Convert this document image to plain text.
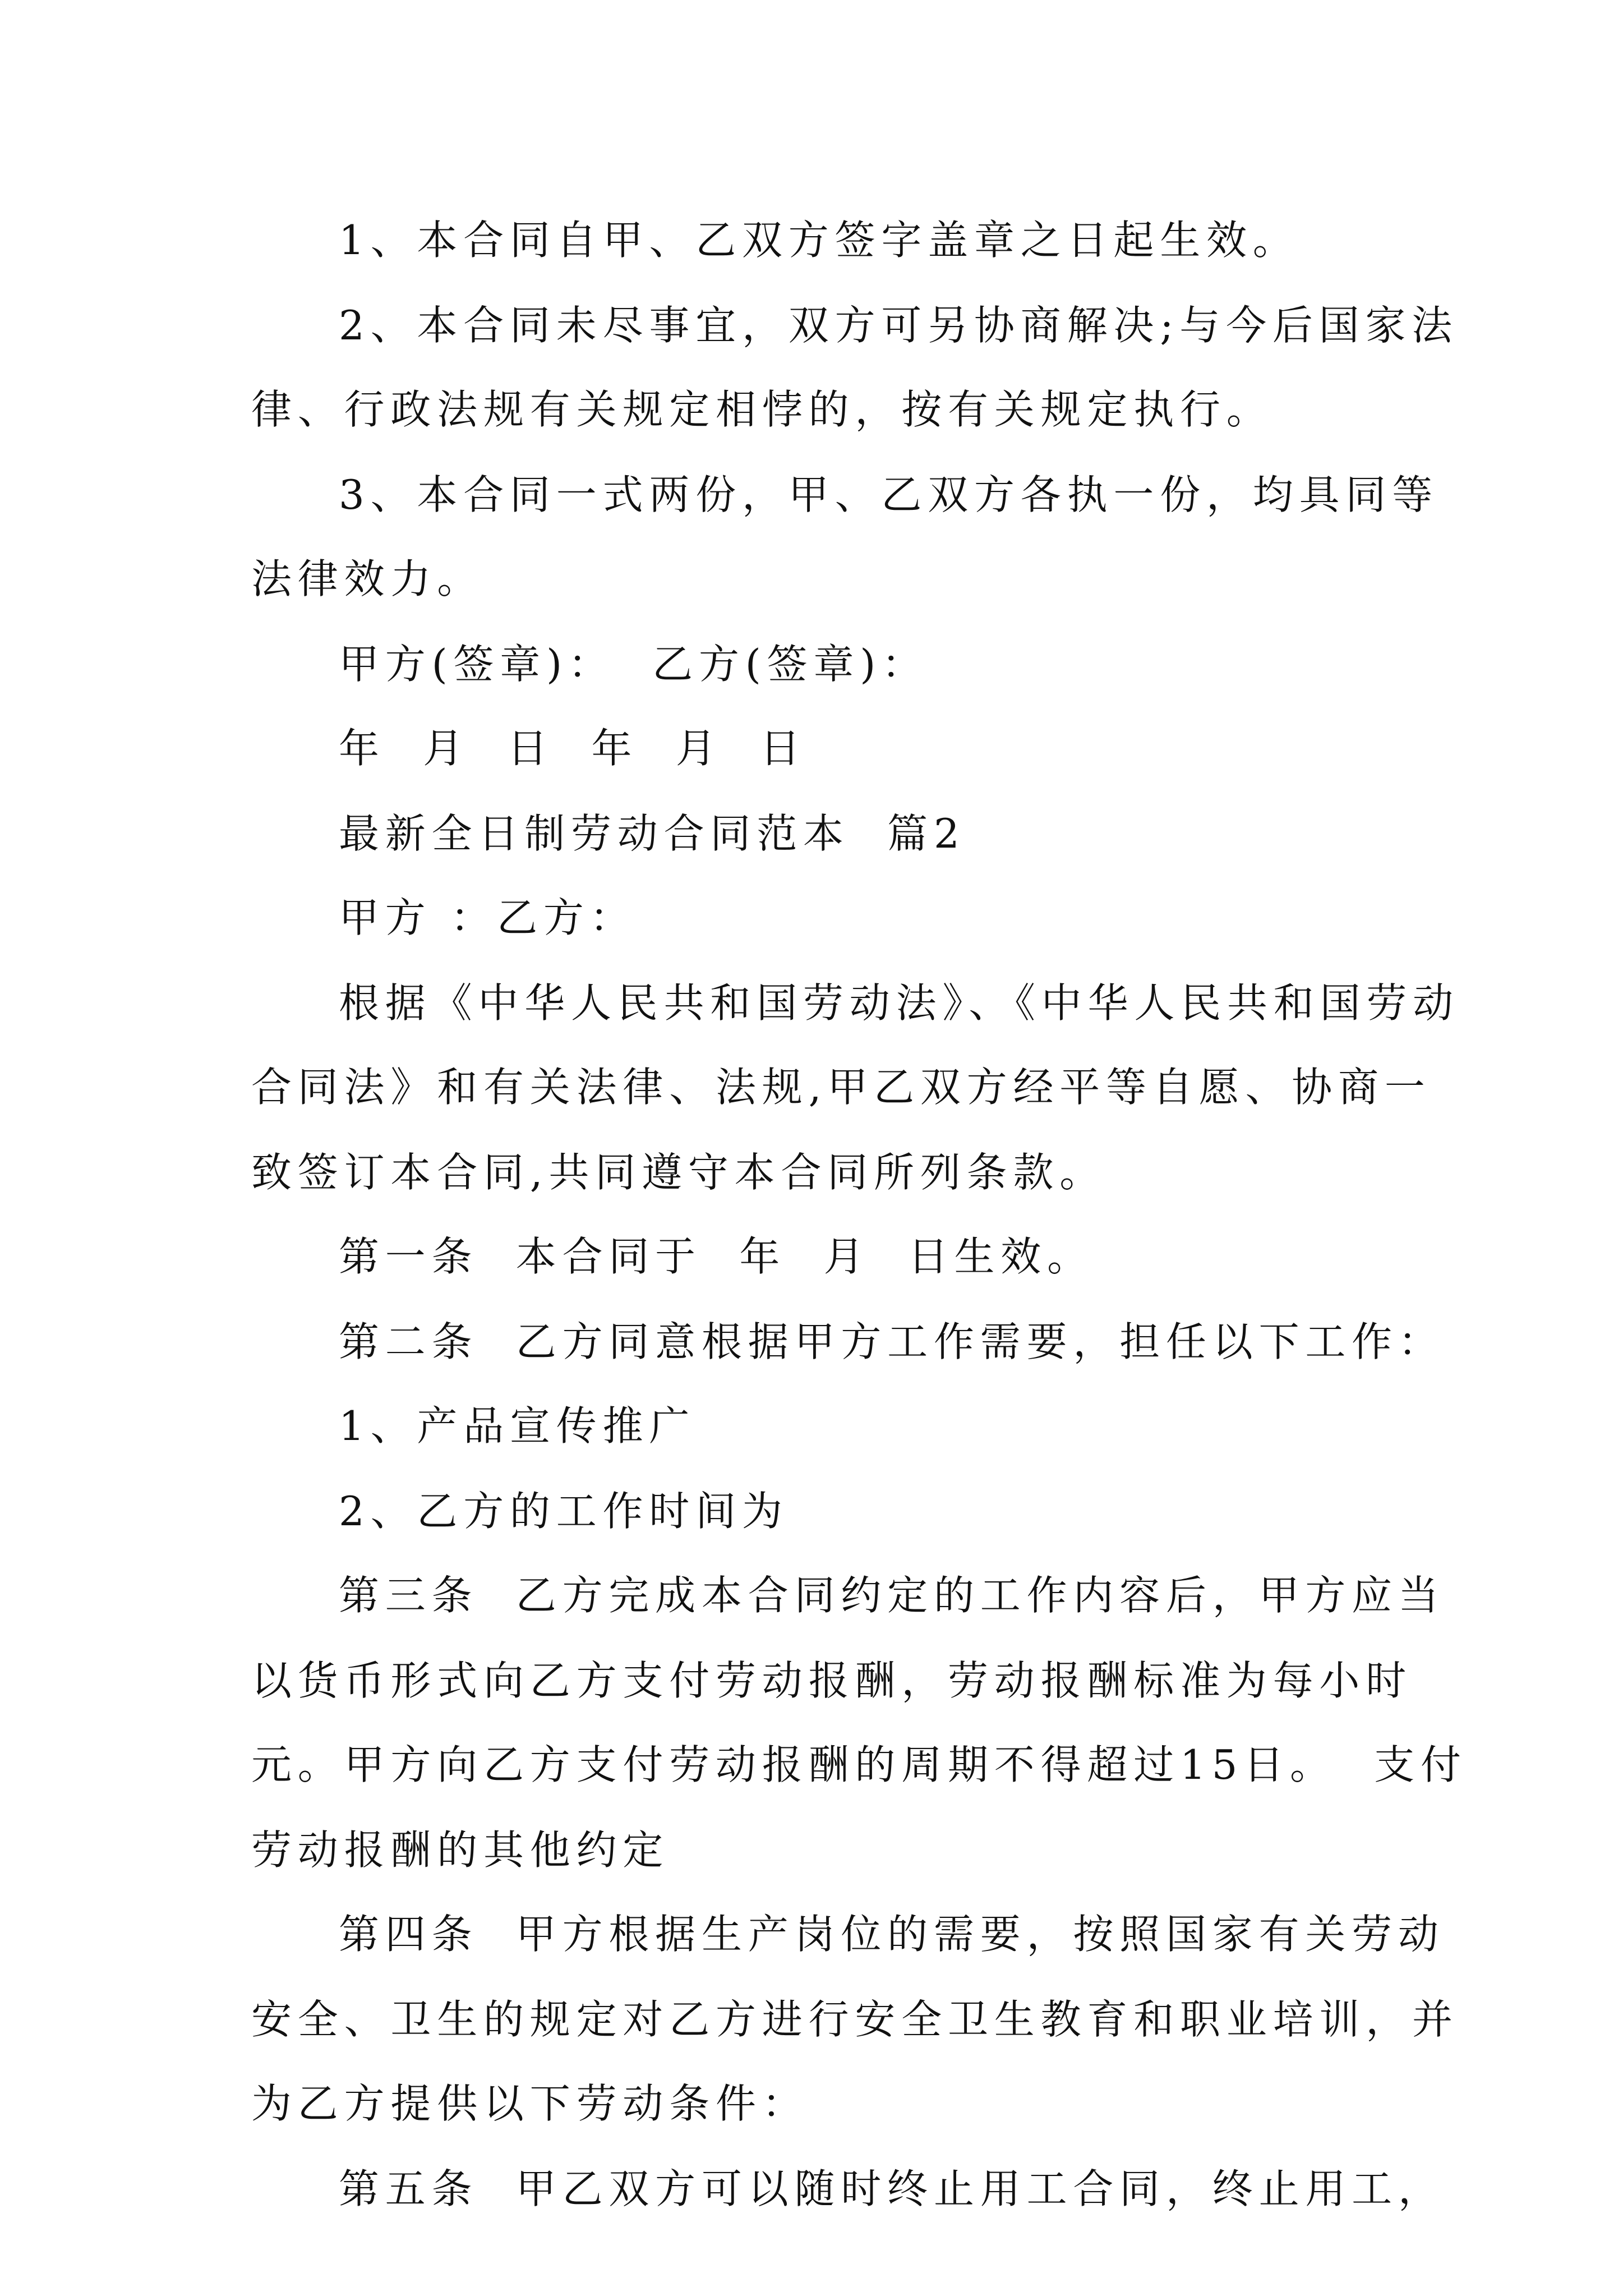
1、本合同自甲、乙双方签字盖章之日起生效。
2、本合同未尽事宜，双方可另协商解决;与今后国家法
律、行政法规有关规定相悖的，按有关规定执行。
3、本合同一式两份，甲、乙双方各执一份，均具同等
法律效力。
甲方(签章)：  乙方(签章)：
年  月  日  年  月  日
最新全日制劳动合同范本  篇2
甲方 ：乙方：
根据《中华人民共和国劳动法》、《中华人民共和国劳动
合同法》和有关法律、法规,甲乙双方经平等自愿、协商一
致签订本合同,共同遵守本合同所列条款。
第一条  本合同于  年  月  日生效。
第二条  乙方同意根据甲方工作需要，担任以下工作：
1、产品宣传推广
2、乙方的工作时间为
第三条  乙方完成本合同约定的工作内容后，甲方应当
以货币形式向乙方支付劳动报酬，劳动报酬标准为每小时
元。甲方向乙方支付劳动报酬的周期不得超过15日。  支付
劳动报酬的其他约定
第四条  甲方根据生产岗位的需要，按照国家有关劳动
安全、卫生的规定对乙方进行安全卫生教育和职业培训，并
为乙方提供以下劳动条件：
第五条  甲乙双方可以随时终止用工合同，终止用工，
